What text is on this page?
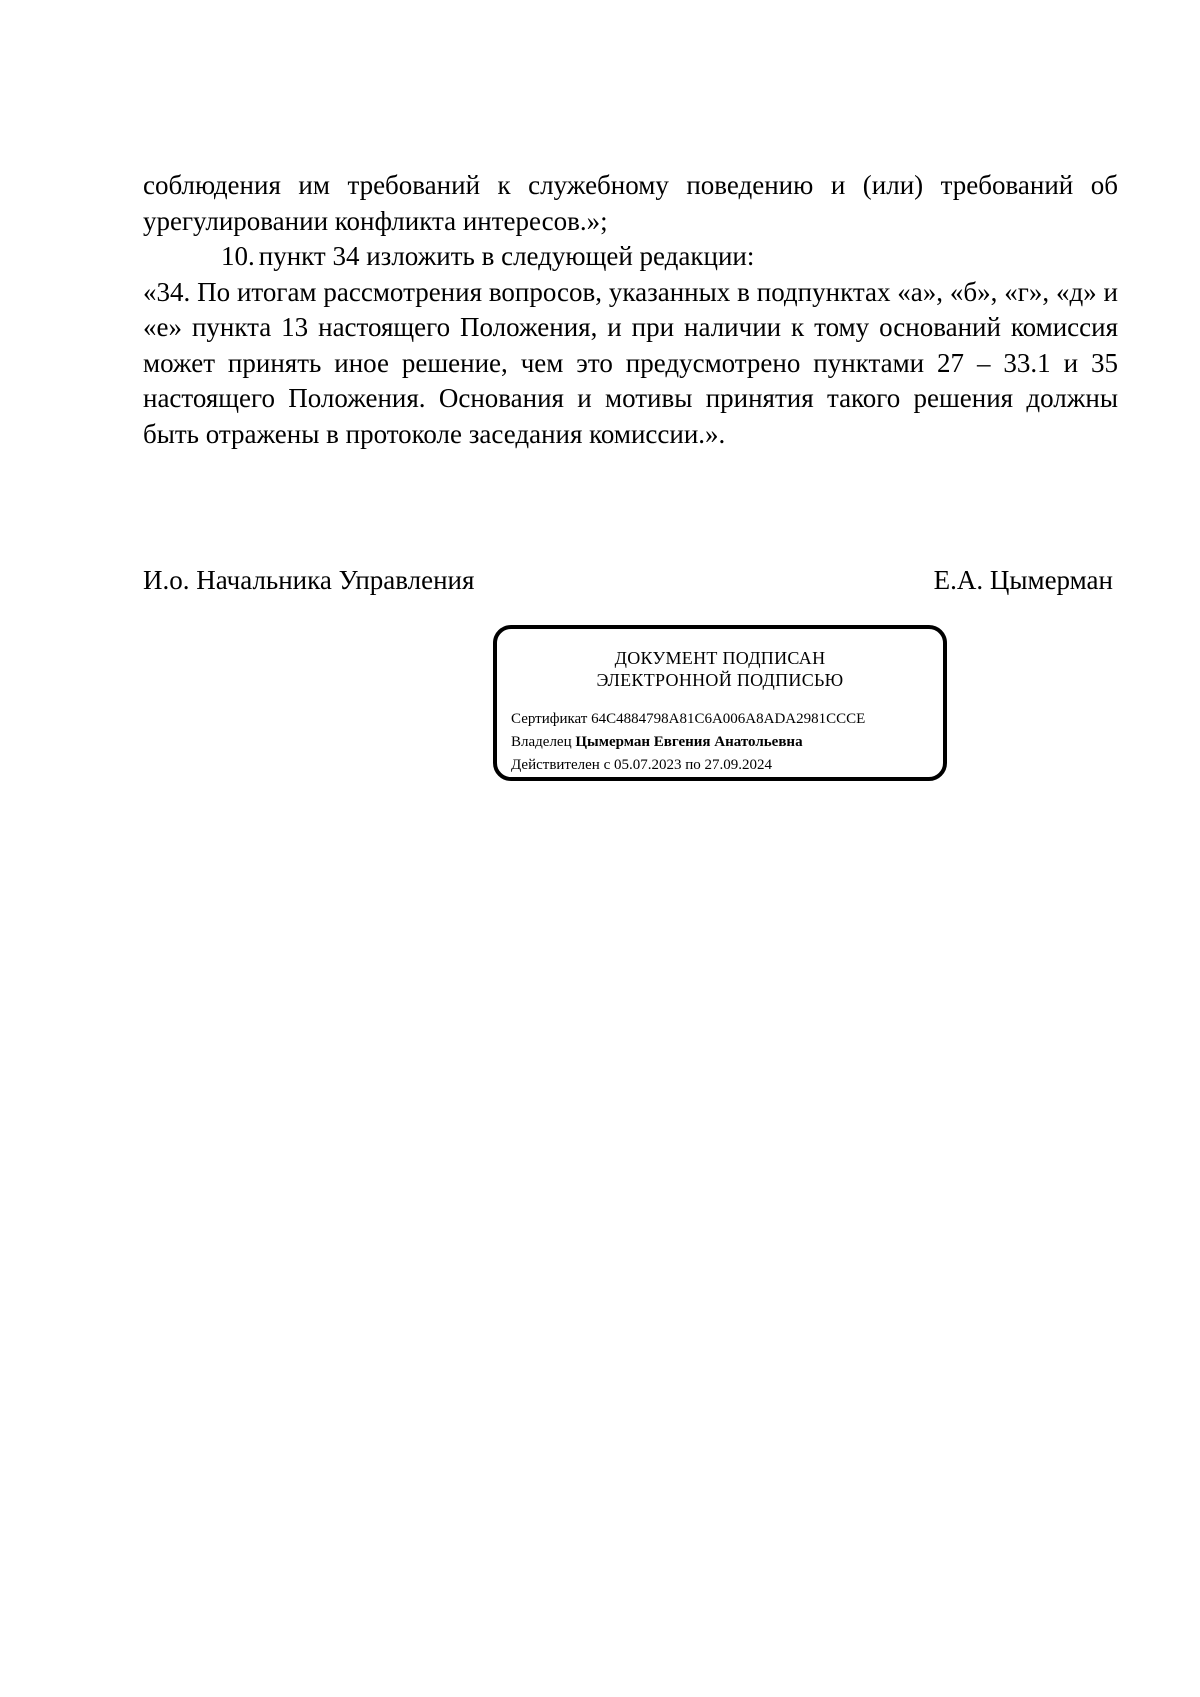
соблюдения им требований к служебному поведению и (или) требований об урегулировании конфликта интересов.»;

10. пункт 34 изложить в следующей редакции:

«34. По итогам рассмотрения вопросов, указанных в подпунктах «а», «б», «г», «д» и «е» пункта 13 настоящего Положения, и при наличии к тому оснований комиссия может принять иное решение, чем это предусмотрено пунктами 27 – 33.1 и 35 настоящего Положения. Основания и мотивы принятия такого решения должны быть отражены в протоколе заседания комиссии.».

И.о. Начальника Управления	Е.А. Цымерман
ДОКУМЕНТ ПОДПИСАН
ЭЛЕКТРОННОЙ ПОДПИСЬЮ
Сертификат 64C4884798A81C6A006A8ADA2981CCCE
Владелец Цымерман Евгения Анатольевна
Действителен с 05.07.2023 по 27.09.2024
